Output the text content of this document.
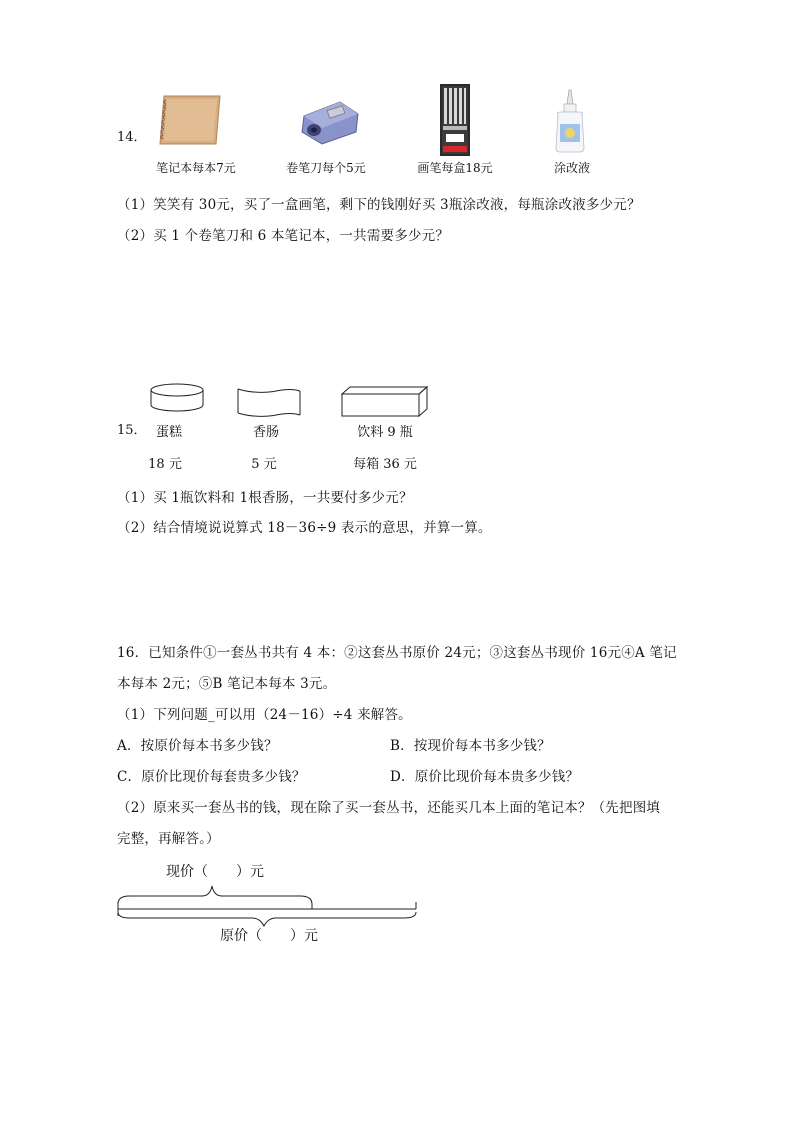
14．
笔记本每本7元	卷笔刀每个5元	画笔每盒18元	涂改液
（1）笑笑有 30元，买了一盒画笔，剩下的钱刚好买 3瓶涂改液，每瓶涂改液多少元？
（2）买 1 个卷笔刀和 6 本笔记本，一共需要多少元？
15． 蛋糕
18 元
香肠
5 元
饮料 9 瓶
每箱 36 元
（1）买 1瓶饮料和 1根香肠，一共要付多少元？
（2）结合情境说说算式 18－36÷9 表示的意思，并算一算。
16．已知条件①一套丛书共有 4 本：②这套丛书原价 24元；③这套丛书现价 16元④A 笔记
本每本 2元；⑤B 笔记本每本 3元。
（1）下列问题_可以用（24－16）÷4 来解答。
A．按原价每本书多少钱？	B．按现价每本书多少钱？
C．原价比现价每套贵多少钱？	D．原价比现价每本贵多少钱？
（2）原来买一套丛书的钱，现在除了买一套丛书，还能买几本上面的笔记本？（先把图填
完整，再解答。）
现价（　　）元
原价（　　）元
